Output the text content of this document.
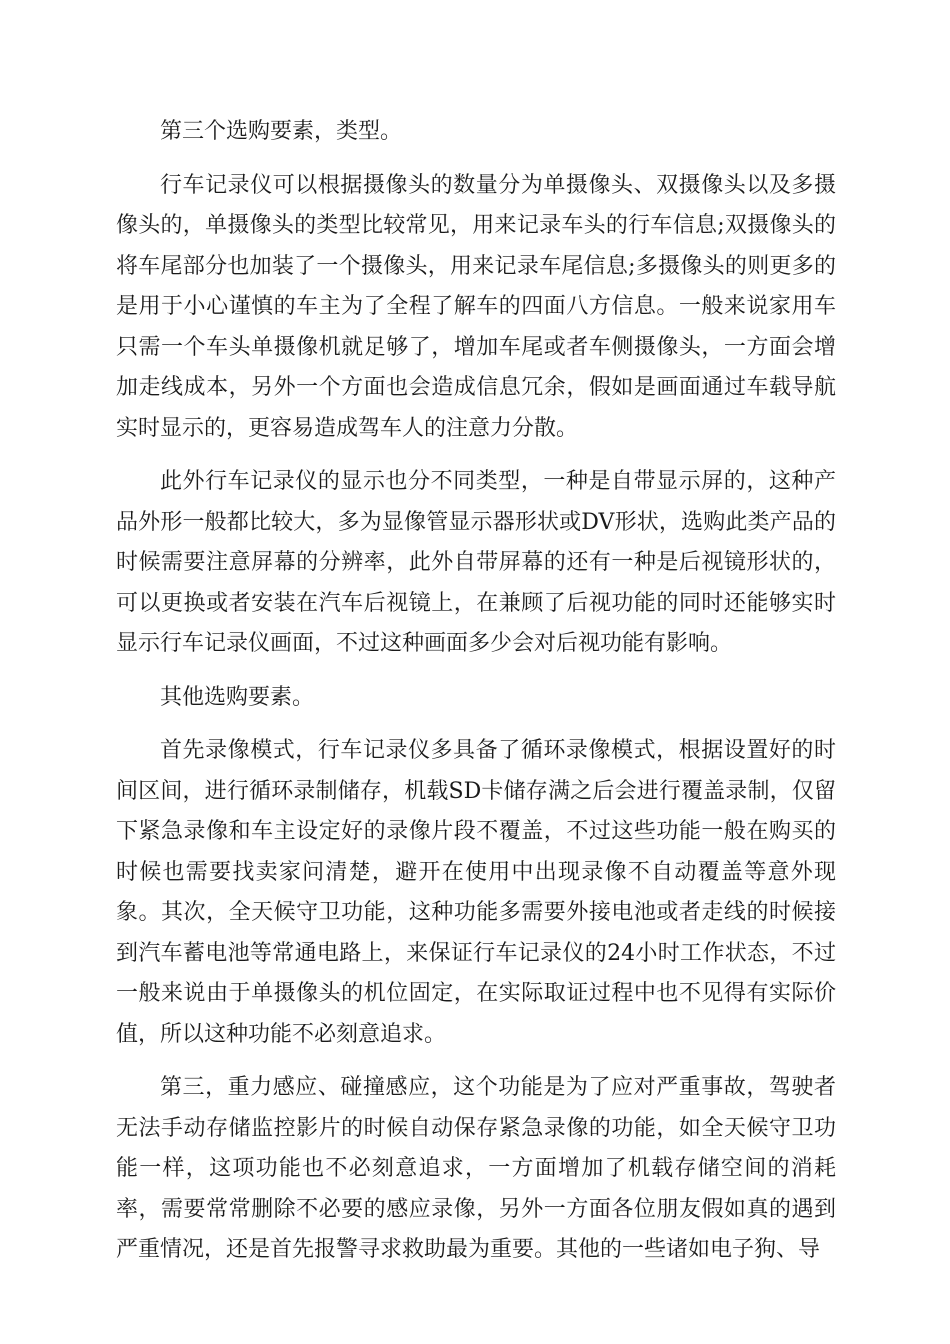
第三个选购要素，类型。

行车记录仪可以根据摄像头的数量分为单摄像头、双摄像头以及多摄像头的，单摄像头的类型比较常见，用来记录车头的行车信息;双摄像头的将车尾部分也加装了一个摄像头，用来记录车尾信息;多摄像头的则更多的是用于小心谨慎的车主为了全程了解车的四面八方信息。一般来说家用车只需一个车头单摄像机就足够了，增加车尾或者车侧摄像头，一方面会增加走线成本，另外一个方面也会造成信息冗余，假如是画面通过车载导航实时显示的，更容易造成驾车人的注意力分散。

此外行车记录仪的显示也分不同类型，一种是自带显示屏的，这种产品外形一般都比较大，多为显像管显示器形状或DV形状，选购此类产品的时候需要注意屏幕的分辨率，此外自带屏幕的还有一种是后视镜形状的，可以更换或者安装在汽车后视镜上，在兼顾了后视功能的同时还能够实时显示行车记录仪画面，不过这种画面多少会对后视功能有影响。

其他选购要素。

首先录像模式，行车记录仪多具备了循环录像模式，根据设置好的时间区间，进行循环录制储存，机载SD卡储存满之后会进行覆盖录制，仅留下紧急录像和车主设定好的录像片段不覆盖，不过这些功能一般在购买的时候也需要找卖家问清楚，避开在使用中出现录像不自动覆盖等意外现象。其次，全天候守卫功能，这种功能多需要外接电池或者走线的时候接到汽车蓄电池等常通电路上，来保证行车记录仪的24小时工作状态，不过一般来说由于单摄像头的机位固定，在实际取证过程中也不见得有实际价值，所以这种功能不必刻意追求。

第三，重力感应、碰撞感应，这个功能是为了应对严重事故，驾驶者无法手动存储监控影片的时候自动保存紧急录像的功能，如全天候守卫功能一样，这项功能也不必刻意追求，一方面增加了机载存储空间的消耗率，需要常常删除不必要的感应录像，另外一方面各位朋友假如真的遇到严重情况，还是首先报警寻求救助最为重要。其他的一些诸如电子狗、导
